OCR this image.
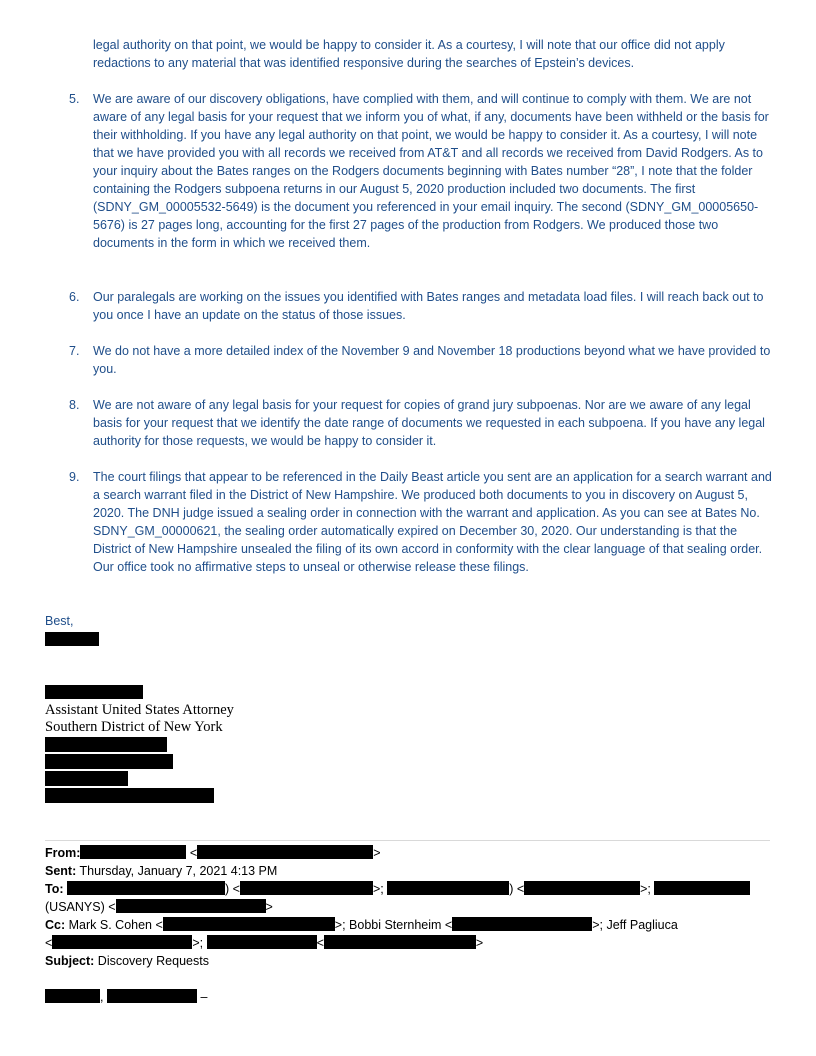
legal authority on that point, we would be happy to consider it. As a courtesy, I will note that our office did not apply redactions to any material that was identified responsive during the searches of Epstein’s devices.
5. We are aware of our discovery obligations, have complied with them, and will continue to comply with them. We are not aware of any legal basis for your request that we inform you of what, if any, documents have been withheld or the basis for their withholding. If you have any legal authority on that point, we would be happy to consider it. As a courtesy, I will note that we have provided you with all records we received from AT&T and all records we received from David Rodgers. As to your inquiry about the Bates ranges on the Rodgers documents beginning with Bates number “28”, I note that the folder containing the Rodgers subpoena returns in our August 5, 2020 production included two documents. The first (SDNY_GM_00005532-5649) is the document you referenced in your email inquiry. The second (SDNY_GM_00005650-5676) is 27 pages long, accounting for the first 27 pages of the production from Rodgers. We produced those two documents in the form in which we received them.
6. Our paralegals are working on the issues you identified with Bates ranges and metadata load files. I will reach back out to you once I have an update on the status of those issues.
7. We do not have a more detailed index of the November 9 and November 18 productions beyond what we have provided to you.
8. We are not aware of any legal basis for your request for copies of grand jury subpoenas. Nor are we aware of any legal basis for your request that we identify the date range of documents we requested in each subpoena. If you have any legal authority for those requests, we would be happy to consider it.
9. The court filings that appear to be referenced in the Daily Beast article you sent are an application for a search warrant and a search warrant filed in the District of New Hampshire. We produced both documents to you in discovery on August 5, 2020. The DNH judge issued a sealing order in connection with the warrant and application. As you can see at Bates No. SDNY_GM_00000621, the sealing order automatically expired on December 30, 2020. Our understanding is that the District of New Hampshire unsealed the filing of its own accord in conformity with the clear language of that sealing order. Our office took no affirmative steps to unseal or otherwise release these filings.
Best,
Assistant United States Attorney
Southern District of New York
From:	<	>
Sent: Thursday, January 7, 2021 4:13 PM
To:	) <	>;	) <	>;
(USANYS) <	>
Cc: Mark S. Cohen <	>; Bobbi Sternheim <	>; Jeff Pagliuca
<	>;	<	>
Subject: Discovery Requests
,	–
